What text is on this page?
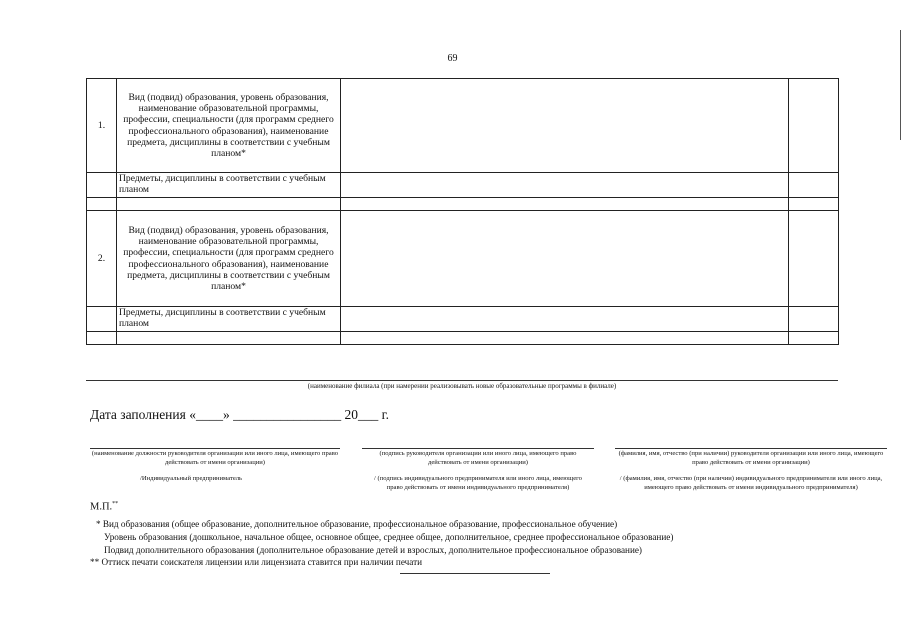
69
1.	Вид (подвид) образования, уровень образования, наименование образовательной программы, профессии, специальности (для программ среднего профессионального образования), наименование предмета, дисциплины в соответствии с учебным планом*		
	Предметы, дисциплины в соответствии с учебным планом		

2.	Вид (подвид) образования, уровень образования, наименование образовательной программы, профессии, специальности (для программ среднего профессионального образования), наименование предмета, дисциплины в соответствии с учебным планом*		
	Предметы, дисциплины в соответствии с учебным планом		

(наименование филиала (при намерении реализовывать новые образовательные программы в филиале)
Дата заполнения «____» ________________ 20___ г.
(наименование должности руководителя организации или иного лица, имеющего право действовать от имени организации)
/Индивидуальный предприниматель
(подпись руководителя организации или иного лица, имеющего право действовать от имени организации)
/ (подпись индивидуального предпринимателя или иного лица, имеющего право действовать от имени индивидуального предпринимателя)
(фамилия, имя, отчество (при наличии) руководителя организации или иного лица, имеющего право действовать от имени организации)
/ (фамилия, имя, отчество (при наличии) индивидуального предпринимателя или иного лица, имеющего право действовать от имени индивидуального предпринимателя)
М.П.**
* Вид образования (общее образование, дополнительное образование, профессиональное образование, профессиональное обучение)
Уровень образования (дошкольное, начальное общее, основное общее, среднее общее, дополнительное, среднее профессиональное образование)
Подвид дополнительного образования (дополнительное образование детей и взрослых, дополнительное профессиональное образование)
** Оттиск печати соискателя лицензии или лицензиата ставится при наличии печати
